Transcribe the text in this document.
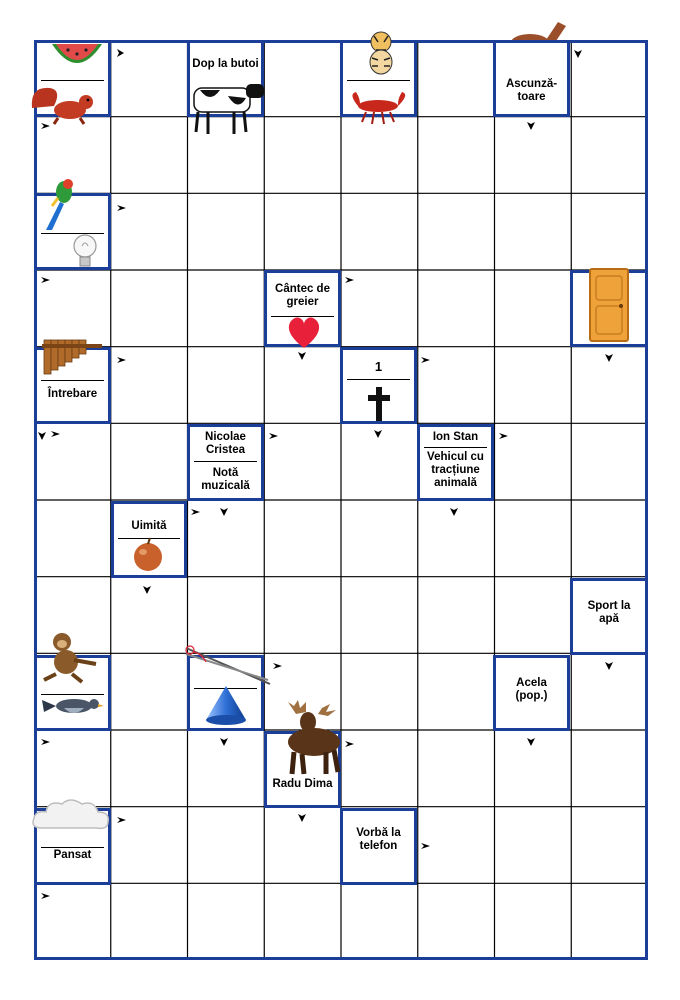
Dop la butoi
Ascunză-
toare
Cântec de greier
Întrebare
1
Nicolae Cristea
Notă muzicală
Ion Stan
Vehicul cu tracțiune animală
Uimită
Sport la apă
Acela (pop.)
Radu Dima
Pansat
Vorbă la telefon
